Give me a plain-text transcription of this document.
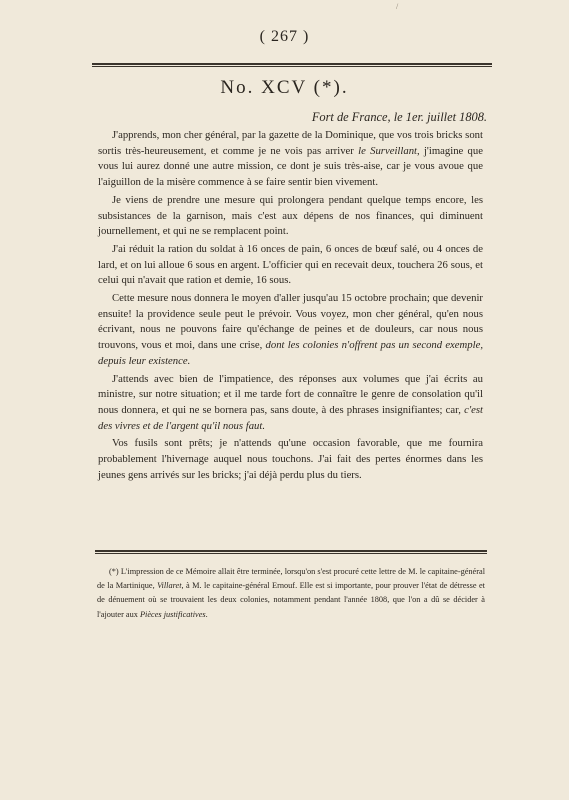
/
( 267 )
No. XCV (*).
Fort de France, le 1er. juillet 1808.

J'apprends, mon cher général, par la gazette de la Dominique, que vos trois bricks sont sortis très-heureusement, et comme je ne vois pas arriver le Surveillant, j'imagine que vous lui aurez donné une autre mission, ce dont je suis très-aise, car je vous avoue que l'aiguillon de la misère commence à se faire sentir bien vivement.

Je viens de prendre une mesure qui prolongera pendant quelque temps encore, les subsistances de la garnison, mais c'est aux dépens de nos finances, qui diminuent journellement, et qui ne se remplacent point.

J'ai réduit la ration du soldat à 16 onces de pain, 6 onces de bœuf salé, ou 4 onces de lard, et on lui alloue 6 sous en argent. L'officier qui en recevait deux, touchera 26 sous, et celui qui n'avait que ration et demie, 16 sous.

Cette mesure nous donnera le moyen d'aller jusqu'au 15 octobre prochain; que devenir ensuite! la providence seule peut le prévoir. Vous voyez, mon cher général, qu'en nous écrivant, nous ne pouvons faire qu'échange de peines et de douleurs, car nous nous trouvons, vous et moi, dans une crise, dont les colonies n'offrent pas un second exemple, depuis leur existence.

J'attends avec bien de l'impatience, des réponses aux volumes que j'ai écrits au ministre, sur notre situation; et il me tarde fort de connaître le genre de consolation qu'il nous donnera, et qui ne se bornera pas, sans doute, à des phrases insignifiantes; car, c'est des vivres et de l'argent qu'il nous faut.

Vos fusils sont prêts; je n'attends qu'une occasion favorable, que me fournira probablement l'hivernage auquel nous touchons. J'ai fait des pertes énormes dans les jeunes gens arrivés sur les bricks; j'ai déjà perdu plus du tiers.

(*) L'impression de ce Mémoire allait être terminée, lorsqu'on s'est procuré cette lettre de M. le capitaine-général de la Martinique, Villaret, à M. le capitaine-général Ernouf. Elle est si importante, pour prouver l'état de détresse et de dénuement où se trouvaient les deux colonies, notamment pendant l'année 1808, que l'on a dû se décider à l'ajouter aux Pièces justificatives.
